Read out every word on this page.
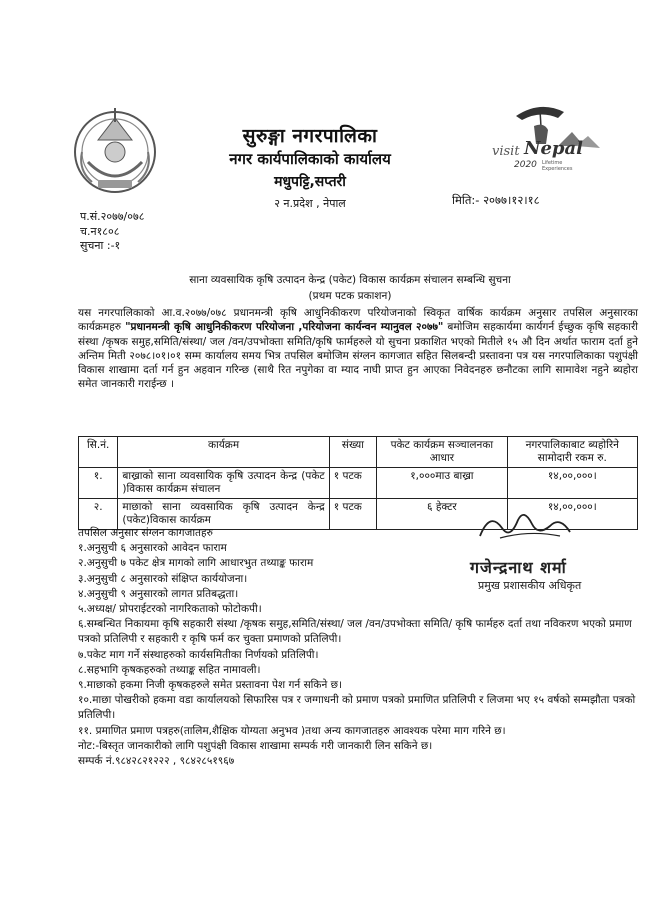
visit Nepal
2020 Lifetime Experiences
सुरुङ्गा नगरपालिका
नगर कार्यपालिकाको कार्यालय
मधुपट्टि,सप्तरी
२ न.प्रदेश , नेपाल	मिति:- २०७७।१२।१८
प.सं.२०७७/०७८
च.न१८०८
सुचना :-१
साना व्यवसायिक कृषि उत्पादन केन्द्र (पकेट) विकास कार्यक्रम संचालन सम्बन्धि सुचना
(प्रथम पटक प्रकाशन)
यस नगरपालिकाको आ.व.२०७७/०७८ प्रधानमन्त्री कृषि आधुनिकीकरण परियोजनाको स्विकृत वार्षिक कार्यक्रम अनुसार तपसिल अनुसारका कार्यक्रमहरु "प्रधानमन्त्री कृषि आधुनिकीकरण परियोजना ,परियोजना कार्यन्वन म्यानुवल २०७७" बमोजिम सहकार्यमा कार्यगर्न ईच्छुक कृषि सहकारी संस्था /कृषक समुह,समिति/संस्था/ जल /वन/उपभोक्ता समिति/कृषि फार्महरुले यो सुचना प्रकाशित भएको मितीले १५ औ दिन अर्थात फाराम दर्ता हुने अन्तिम मिती २०७८।०१।०१ सम्म कार्यालय समय भित्र तपसिल बमोजिम संग्लन कागजात सहित सिलबन्दी प्रस्तावना पत्र यस नगरपालिकाका पशुपंक्षी विकास शाखामा दर्ता गर्न हुन अहवान गरिन्छ (साथै रित नपुगेका वा म्याद नाघी प्राप्त हुन आएका निवेदनहरु छनौटका लागि सामावेश नहुने ब्यहोरा समेत जानकारी गराईन्छ ।
सि.नं.	कार्यक्रम	संख्या	पकेट कार्यक्रम सञ्चालनका आधार	नगरपालिकाबाट ब्यहोरिने सामोदारी रकम रु.
१.	बाख्राको साना व्यवसायिक कृषि उत्पादन केन्द्र (पकेट )विकास कार्यक्रम संचालन	१ पटक	१,०००माउ बाख्रा	१४,००,०००।
२.	माछाको साना व्यवसायिक कृषि उत्पादन केन्द्र (पकेट)विकास कार्यक्रम	१ पटक	६ हेक्टर	१४,००,०००।
तपसिल अनुसार संग्लन कागजातहरु
१.अनुसुची ६ अनुसारको आवेदन फाराम
२.अनुसुची ७ पकेट क्षेत्र मागको लागि आधारभुत तथ्याङ्क फाराम
३.अनुसुची ८ अनुसारको संक्षिप्त कार्ययोजना।
४.अनुसुची ९ अनुसारको लागत प्रतिबद्धता।
५.अध्यक्ष/ प्रोपराईटरको नागरिकताको फोटोकपी।
६.सम्बन्धित निकायमा कृषि सहकारी संस्था /कृषक समुह,समिति/संस्था/ जल /वन/उपभोक्ता समिति/ कृषि फार्महरु दर्ता तथा नविकरण भएको प्रमाण पत्रको प्रतिलिपी र सहकारी र कृषि फर्म कर चुक्ता प्रमाणको प्रतिलिपी।
७.पकेट माग गर्ने संस्थाहरुको कार्यसमितीका निर्णयको प्रतिलिपी।
८.सहभागि कृषकहरुको तथ्याङ्क सहित नामावली।
९.माछाको हकमा निजी कृषकहरुले समेत प्रस्तावना पेश गर्न सकिने छ।
१०.माछा पोखरीको हकमा वडा कार्यालयको सिफारिस पत्र र जग्गाधनी को प्रमाण पत्रको प्रमाणित प्रतिलिपी र लिजमा भए १५ वर्षको सम्मझौता पत्रको प्रतिलिपी।
११. प्रमाणित प्रमाण पत्रहरु(तालिम,शैक्षिक योग्यता अनुभव )तथा अन्य कागजातहरु आवश्यक परेमा माग गरिने छ।
नोट:-बिस्तृत जानकारीको लागि पशुपंक्षी विकास शाखामा सम्पर्क गरी जानकारी लिन सकिने छ।
सम्पर्क नं.९८४२८२१२२२ , ९८४२८५१९६७
गजेन्द्रनाथ शर्मा
प्रमुख प्रशासकीय अधिकृत
